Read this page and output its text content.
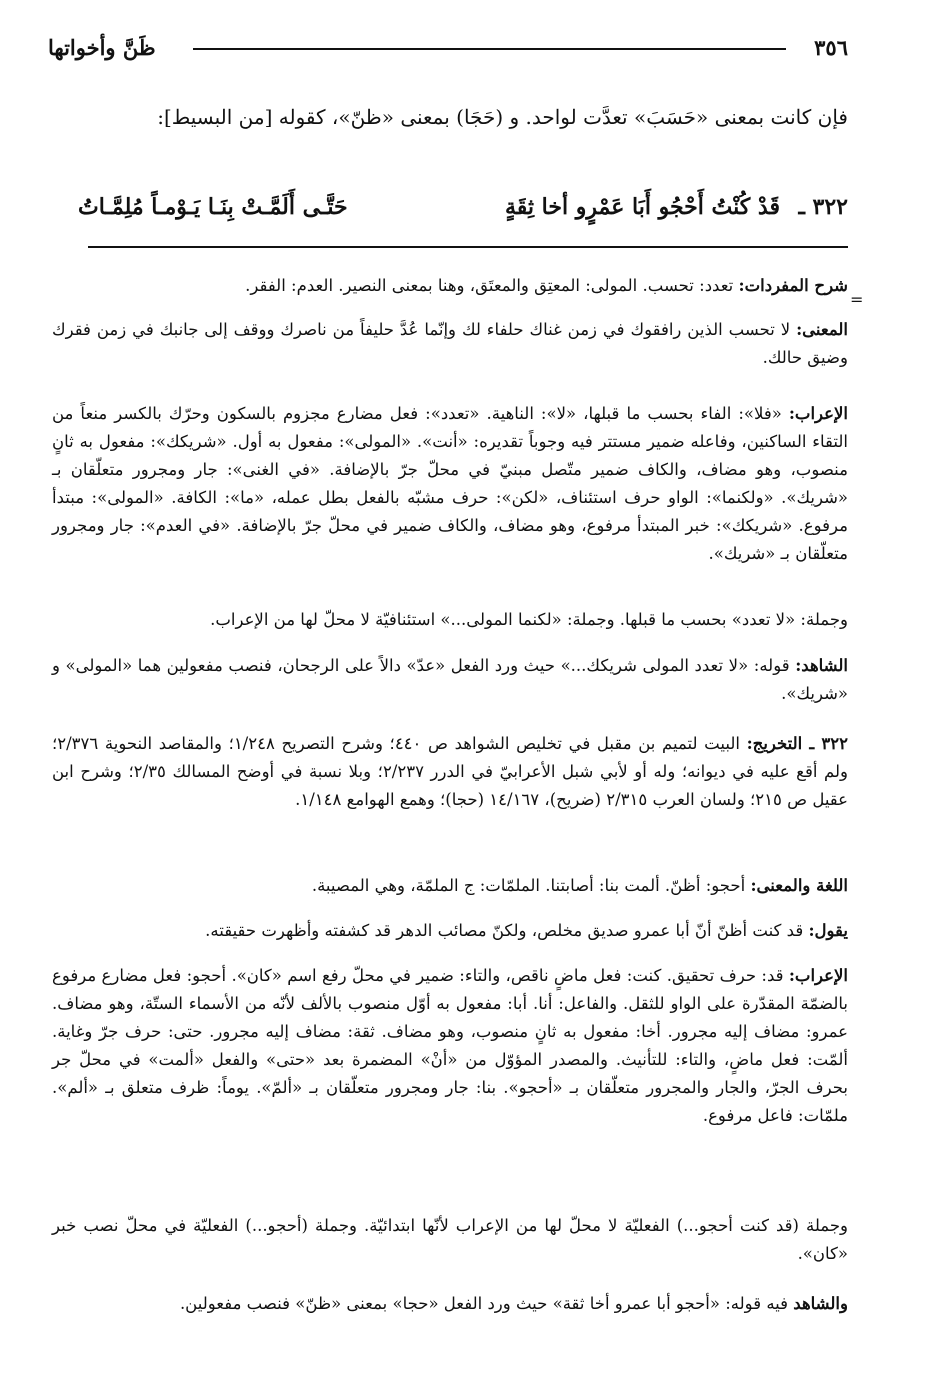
٣٥٦
ظَنَّ وأخواتها

فإن كانت بمعنى «حَسَبَ» تعدَّت لواحد. و (حَجَا) بمعنى «ظنّ»، كقوله [من البسيط]:

٣٢٢ ـ
قَدْ كُنْتُ أَحْجُو أَبَا عَمْرٍو أخا ثِقَةٍ
حَتَّـى أَلَمَّـتْ بِنَـا يَـوْمـاً مُلِمَّـاتُ
=

شرح المفردات: تعدد: تحسب. المولى: المعتِق والمعتَق، وهنا بمعنى النصير. العدم: الفقر.

المعنى: لا تحسب الذين رافقوك في زمن غناك حلفاء لك وإنّما عُدَّ حليفاً من ناصرك ووقف إلى جانبك في زمن فقرك وضيق حالك.

الإعراب: «فلا»: الفاء بحسب ما قبلها، «لا»: الناهية. «تعدد»: فعل مضارع مجزوم بالسكون وحرّك بالكسر منعاً من التقاء الساكنين، وفاعله ضمير مستتر فيه وجوباً تقديره: «أنت». «المولى»: مفعول به أول. «شريكك»: مفعول به ثانٍ منصوب، وهو مضاف، والكاف ضمير متّصل مبنيّ في محلّ جرّ بالإضافة. «في الغنى»: جار ومجرور متعلّقان بـ «شريك». «ولكنما»: الواو حرف استئناف، «لكن»: حرف مشبّه بالفعل بطل عمله، «ما»: الكافة. «المولى»: مبتدأ مرفوع. «شريكك»: خبر المبتدأ مرفوع، وهو مضاف، والكاف ضمير في محلّ جرّ بالإضافة. «في العدم»: جار ومجرور متعلّقان بـ «شريك».

وجملة: «لا تعدد» بحسب ما قبلها. وجملة: «لكنما المولى...» استئنافيّة لا محلّ لها من الإعراب.

الشاهد: قوله: «لا تعدد المولى شريكك...» حيث ورد الفعل «عدّ» دالاً على الرجحان، فنصب مفعولين هما «المولى» و «شريك».

٣٢٢ ـ التخريج: البيت لتميم بن مقبل في تخليص الشواهد ص ٤٤٠؛ وشرح التصريح ١/٢٤٨؛ والمقاصد النحوية ٢/٣٧٦؛ ولم أقع عليه في ديوانه؛ وله أو لأبي شبل الأعرابيّ في الدرر ٢/٢٣٧؛ وبلا نسبة في أوضح المسالك ٢/٣٥؛ وشرح ابن عقيل ص ٢١٥؛ ولسان العرب ٢/٣١٥ (ضريح)، ١٤/١٦٧ (حجا)؛ وهمع الهوامع ١/١٤٨.

اللغة والمعنى: أحجو: أظنّ. ألمت بنا: أصابتنا. الملمّات: ج الملمّة، وهي المصيبة.

يقول: قد كنت أظنّ أنّ أبا عمرو صديق مخلص، ولكنّ مصائب الدهر قد كشفته وأظهرت حقيقته.

الإعراب: قد: حرف تحقيق. كنت: فعل ماضٍ ناقص، والتاء: ضمير في محلّ رفع اسم «كان». أحجو: فعل مضارع مرفوع بالضمّة المقدّرة على الواو للثقل. والفاعل: أنا. أبا: مفعول به أوّل منصوب بالألف لأنّه من الأسماء الستّة، وهو مضاف. عمرو: مضاف إليه مجرور. أخا: مفعول به ثانٍ منصوب، وهو مضاف. ثقة: مضاف إليه مجرور. حتى: حرف جرّ وغاية. ألمّت: فعل ماضٍ، والتاء: للتأنيث. والمصدر المؤوّل من «أنْ» المضمرة بعد «حتى» والفعل «ألمت» في محلّ جر بحرف الجرّ، والجار والمجرور متعلّقان بـ «أحجو». بنا: جار ومجرور متعلّقان بـ «ألمّ». يوماً: ظرف متعلق بـ «ألم». ملمّات: فاعل مرفوع.

وجملة (قد كنت أحجو...) الفعليّة لا محلّ لها من الإعراب لأنّها ابتدائيّة. وجملة (أحجو...) الفعليّة في محلّ نصب خبر «كان».

والشاهد فيه قوله: «أحجو أبا عمرو أخا ثقة» حيث ورد الفعل «حجا» بمعنى «ظنّ» فنصب مفعولين.
